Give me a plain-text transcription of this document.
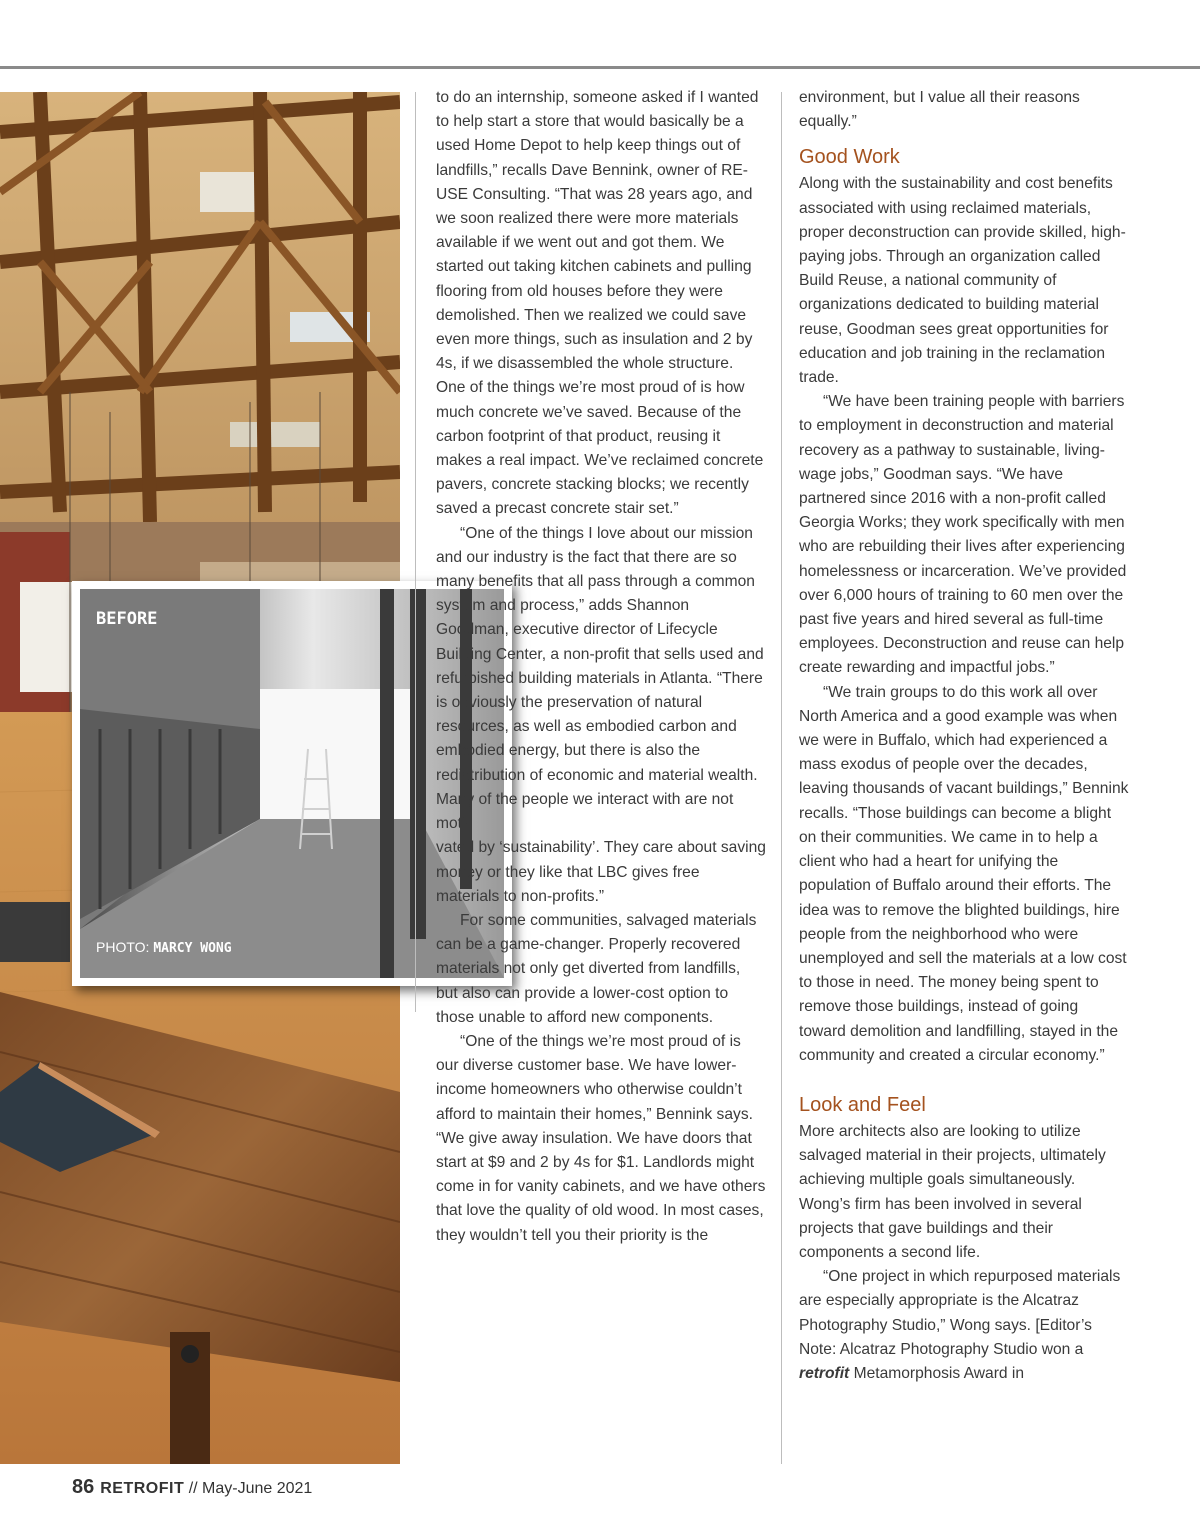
BEFORE
PHOTO: MARCY WONG

to do an internship, someone asked if I wanted to help start a store that would basically be a used Home Depot to help keep things out of landfills,” recalls Dave Bennink, owner of RE-USE Consulting. “That was 28 years ago, and we soon realized there were more materials available if we went out and got them. We started out taking kitchen cabinets and pulling flooring from old houses before they were demolished. Then we realized we could save even more things, such as insulation and 2 by 4s, if we disassembled the whole structure. One of the things we’re most proud of is how much concrete we’ve saved. Because of the carbon footprint of that product, reusing it makes a real impact. We’ve reclaimed concrete pavers, concrete stacking blocks; we recently saved a precast concrete stair set.”

“One of the things I love about our mission and our industry is the fact that there are so many benefits that all pass through a common system and process,” adds Shannon Goodman, executive director of Lifecycle Building Center, a non-profit that sells used and refurbished building materials in Atlanta. “There is obviously the preservation of natural resources, as well as embodied carbon and embodied energy, but there is also the redistribution of economic and material wealth. Many of the people we interact with are not moti-

vated by ‘sustainability’. They care about saving money or they like that LBC gives free materials to non-profits.”

For some communities, salvaged materials can be a game-changer. Properly recovered materials not only get diverted from landfills, but also can provide a lower-cost option to those unable to afford new components.

“One of the things we’re most proud of is our diverse customer base. We have lower-income homeowners who otherwise couldn’t afford to maintain their homes,” Bennink says. “We give away insulation. We have doors that start at $9 and 2 by 4s for $1. Landlords might come in for vanity cabinets, and we have others that love the quality of old wood. In most cases, they wouldn’t tell you their priority is the

environment, but I value all their reasons equally.”

Good Work

Along with the sustainability and cost benefits associated with using reclaimed materials, proper deconstruction can provide skilled, high-paying jobs. Through an organization called Build Reuse, a national community of organizations dedicated to building material reuse, Goodman sees great opportunities for education and job training in the reclamation trade.

“We have been training people with barriers to employment in deconstruction and material recovery as a pathway to sustainable, living-wage jobs,” Goodman says. “We have partnered since 2016 with a non-profit called Georgia Works; they work specifically with men who are rebuilding their lives after experiencing homelessness or incarceration. We’ve provided over 6,000 hours of training to 60 men over the past five years and hired several as full-time employees. Deconstruction and reuse can help create rewarding and impactful jobs.”

“We train groups to do this work all over North America and a good example was when we were in Buffalo, which had experienced a mass exodus of people over the decades, leaving thousands of vacant buildings,” Bennink recalls. “Those buildings can become a blight on their communities. We came in to help a client who had a heart for unifying the population of Buffalo around their efforts. The idea was to remove the blighted buildings, hire people from the neighborhood who were unemployed and sell the materials at a low cost to those in need. The money being spent to remove those buildings, instead of going toward demolition and landfilling, stayed in the community and created a circular economy.”

Look and Feel

More architects also are looking to utilize salvaged material in their projects, ultimately achieving multiple goals simultaneously. Wong’s firm has been involved in several projects that gave buildings and their components a second life.

“One project in which repurposed materials are especially appropriate is the Alcatraz Photography Studio,” Wong says. [Editor’s Note: Alcatraz Photography Studio won a retrofit Metamorphosis Award in

86 RETROFIT // May-June 2021
